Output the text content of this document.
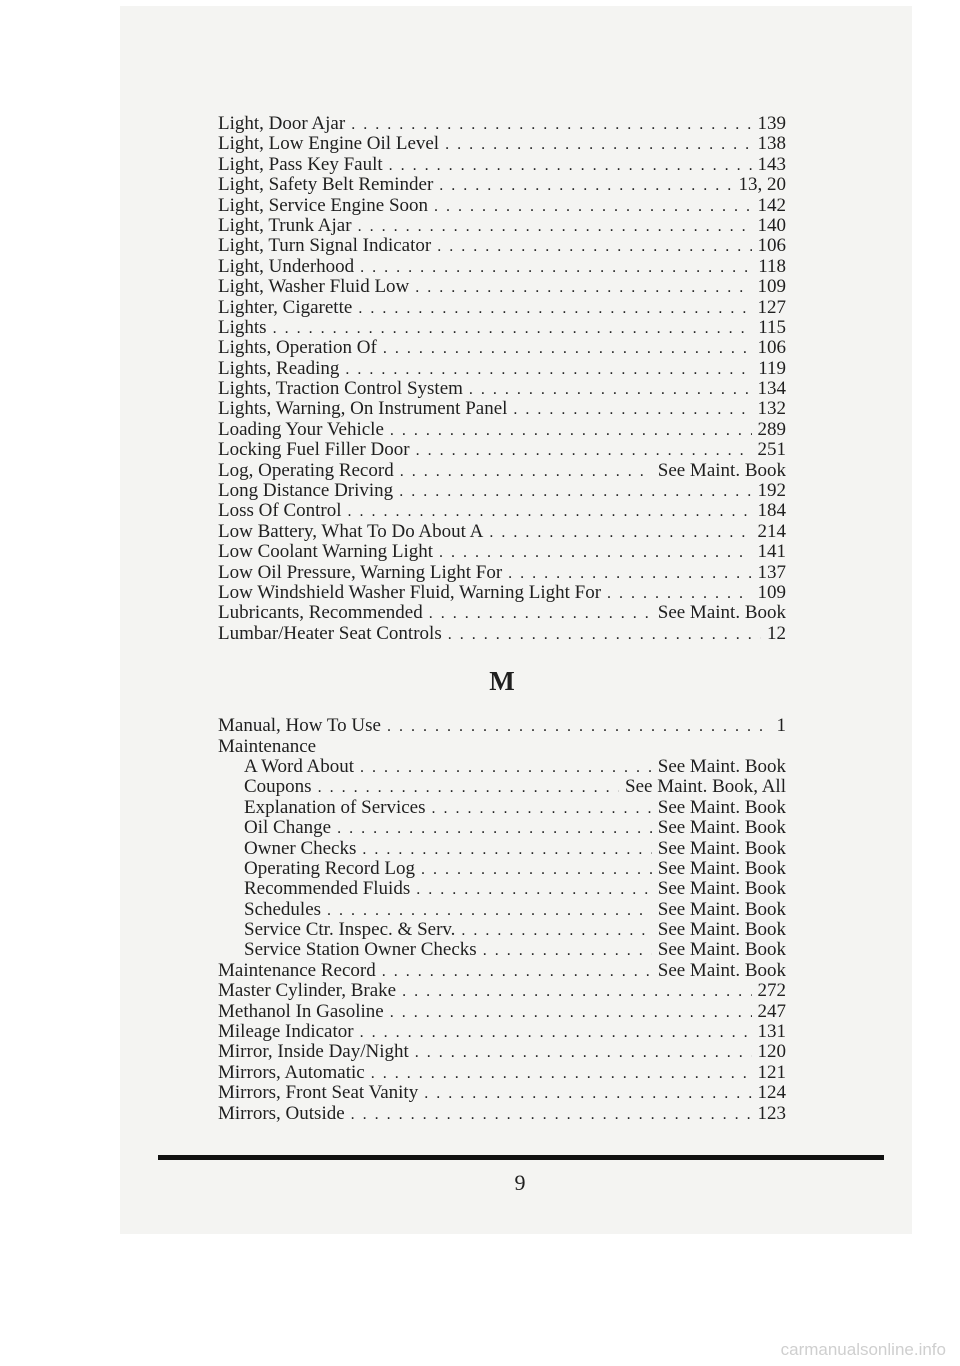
Light, Door Ajar . . .	139
Light, Low Engine Oil Level . . .	138
Light, Pass Key Fault . . .	143
Light, Safety Belt Reminder . . .	13, 20
Light, Service Engine Soon . . .	142
Light, Trunk Ajar . . .	140
Light, Turn Signal Indicator . . .	106
Light, Underhood . . .	118
Light, Washer Fluid Low . . .	109
Lighter, Cigarette . . .	127
Lights . . .	115
Lights, Operation Of . . .	106
Lights, Reading . . .	119
Lights, Traction Control System . . .	134
Lights, Warning, On Instrument Panel . . .	132
Loading Your Vehicle . . .	289
Locking Fuel Filler Door . . .	251
Log, Operating Record . . .	See Maint. Book
Long Distance Driving . . .	192
Loss Of Control . . .	184
Low Battery, What To Do About A . . .	214
Low Coolant Warning Light . . .	141
Low Oil Pressure, Warning Light For . . .	137
Low Windshield Washer Fluid, Warning Light For . . .	109
Lubricants, Recommended . . .	See Maint. Book
Lumbar/Heater Seat Controls . . .	12
M
Manual, How To Use . . .	1
Maintenance
A Word About . . .	See Maint. Book
Coupons . . .	See Maint. Book, All
Explanation of Services . . .	See Maint. Book
Oil Change . . .	See Maint. Book
Owner Checks . . .	See Maint. Book
Operating Record Log . . .	See Maint. Book
Recommended Fluids . . .	See Maint. Book
Schedules . . .	See Maint. Book
Service Ctr. Inspec. & Serv. . . .	See Maint. Book
Service Station Owner Checks . . .	See Maint. Book
Maintenance Record . . .	See Maint. Book
Master Cylinder, Brake . . .	272
Methanol In Gasoline . . .	247
Mileage Indicator . . .	131
Mirror, Inside Day/Night . . .	120
Mirrors, Automatic . . .	121
Mirrors, Front Seat Vanity . . .	124
Mirrors, Outside . . .	123
9
carmanualsonline.info
